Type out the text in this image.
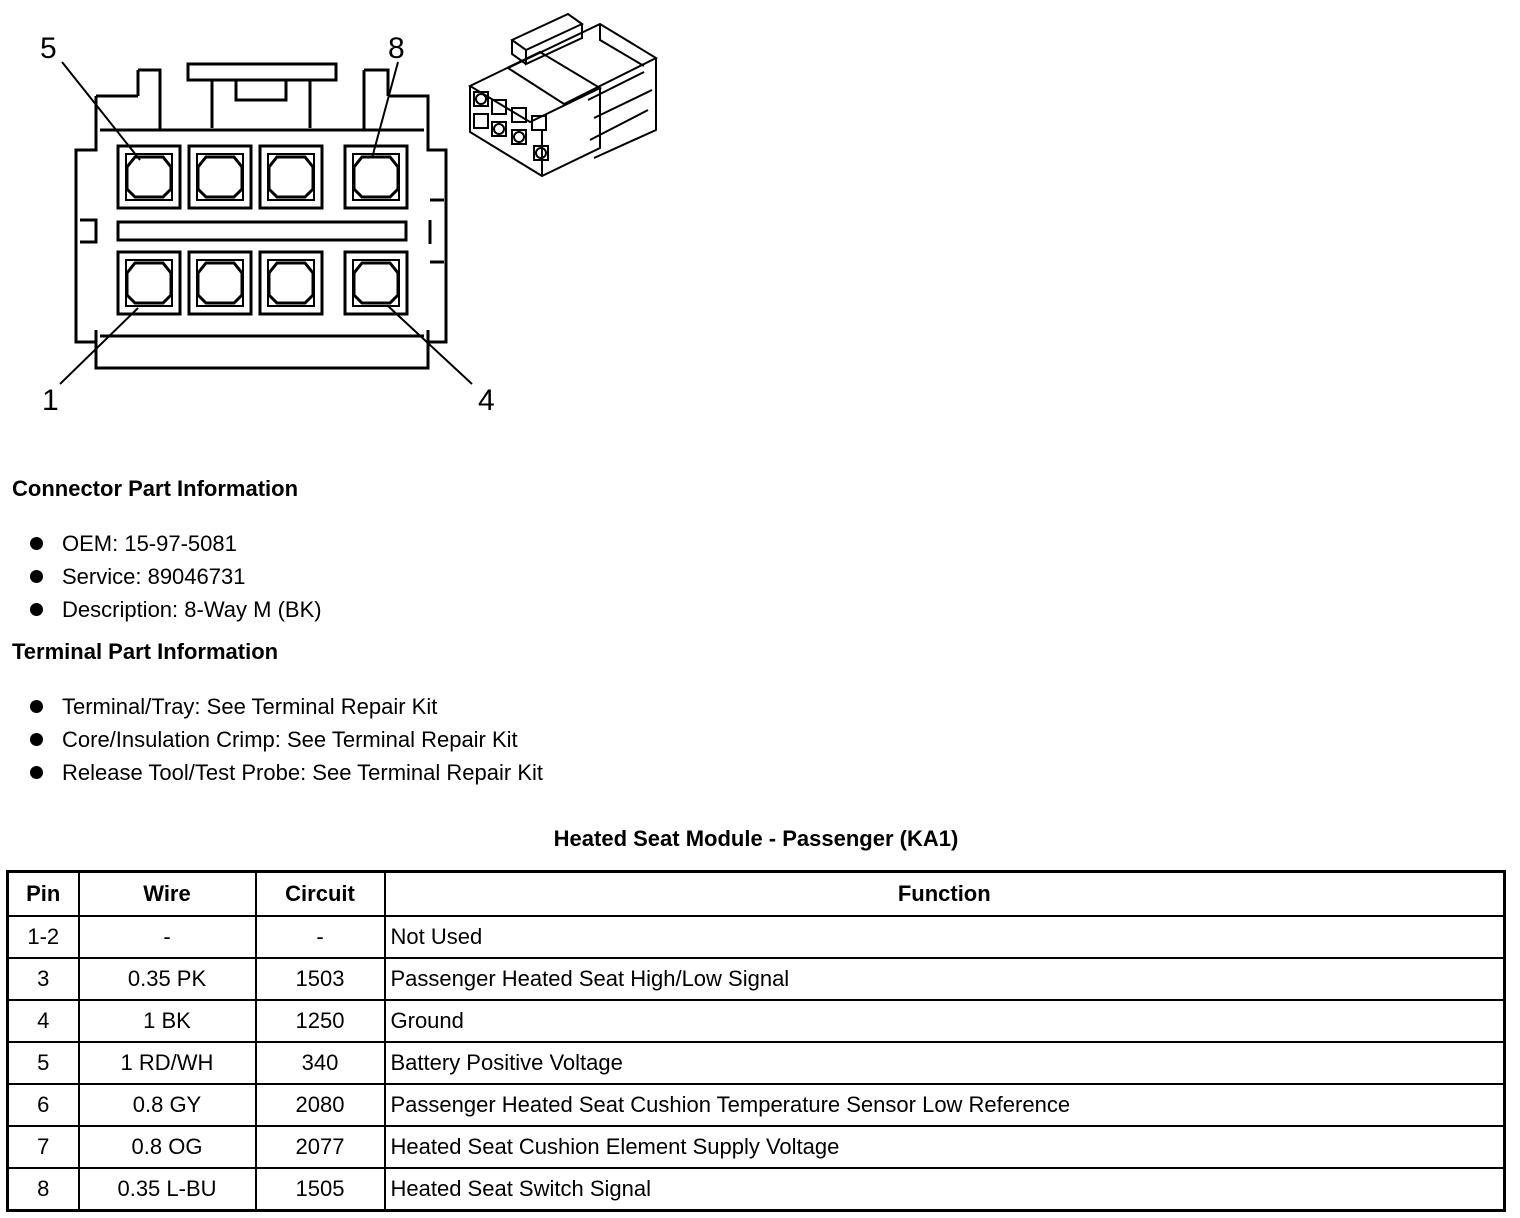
5	8
1	4
Connector Part Information
OEM: 15-97-5081
Service: 89046731
Description: 8-Way M (BK)
Terminal Part Information
Terminal/Tray: See Terminal Repair Kit
Core/Insulation Crimp: See Terminal Repair Kit
Release Tool/Test Probe: See Terminal Repair Kit
Heated Seat Module - Passenger (KA1)
Pin	Wire	Circuit	Function
1-2	-	-	Not Used
3	0.35 PK	1503	Passenger Heated Seat High/Low Signal
4	1 BK	1250	Ground
5	1 RD/WH	340	Battery Positive Voltage
6	0.8 GY	2080	Passenger Heated Seat Cushion Temperature Sensor Low Reference
7	0.8 OG	2077	Heated Seat Cushion Element Supply Voltage
8	0.35 L-BU	1505	Heated Seat Switch Signal
